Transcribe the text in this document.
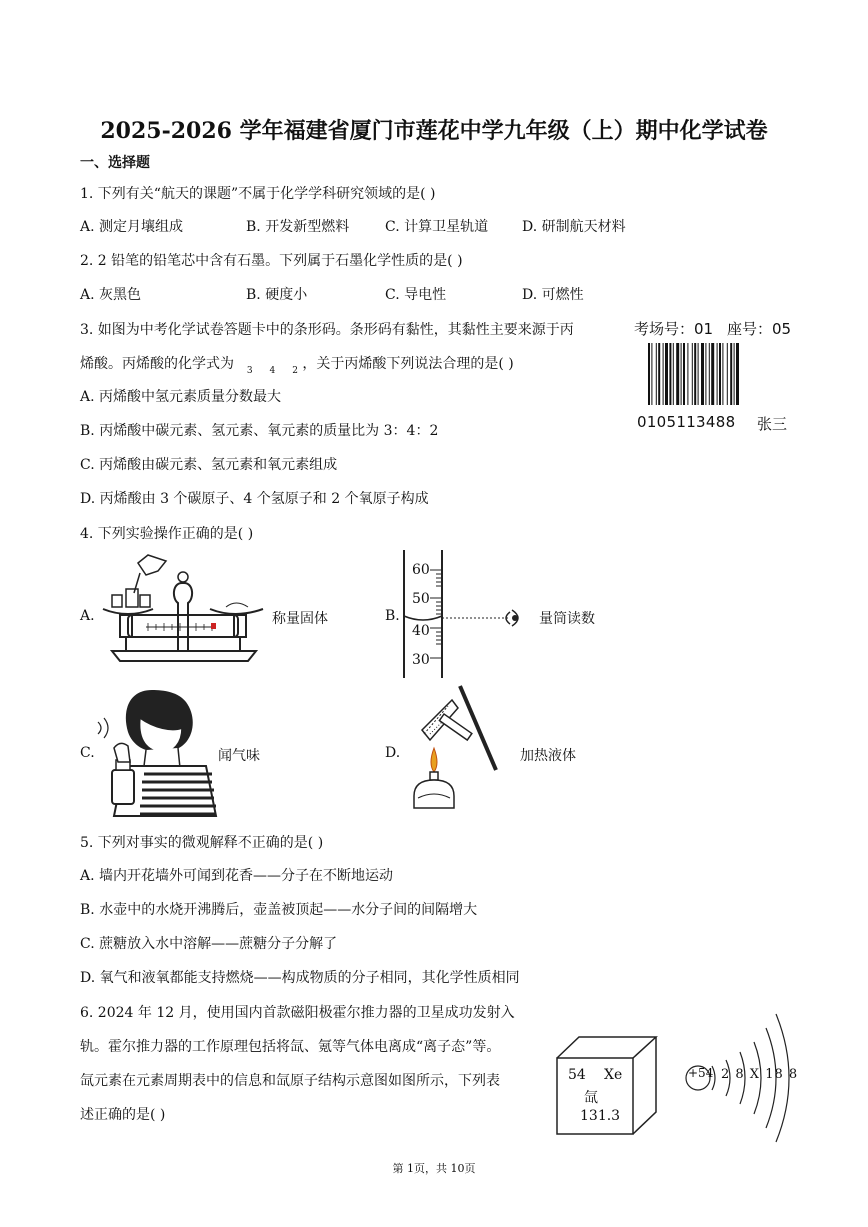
2025-2026 学年福建省厦门市莲花中学九年级（上）期中化学试卷
一、选择题
1. 下列有关“航天的课题”不属于化学学科研究领域的是( )
A. 测定月壤组成	B. 开发新型燃料	C. 计算卫星轨道 D. 研制航天材料
2. 2 铅笔的铅笔芯中含有石墨。下列属于石墨化学性质的是( )
A. 灰黑色	B. 硬度小	C. 导电性	D. 可燃性
3. 如图为中考化学试卷答题卡中的条形码。条形码有黏性，其黏性主要来源于丙
烯酸。丙烯酸的化学式为 $_3$ $_4$ $_2$ ，关于丙烯酸下列说法合理的是( )
A. 丙烯酸中氢元素质量分数最大
B. 丙烯酸中碳元素、氢元素、氧元素的质量比为 3：4：2
C. 丙烯酸由碳元素、氢元素和氧元素组成
D. 丙烯酸由 3 个碳原子、4 个氢原子和 2 个氧原子构成
考场号：01 座号：05
0105113488 张三
4. 下列实验操作正确的是( )
A.	称量固体	B.
60
50
40
30
量筒读数
C.	闻气味	D.	加热液体
5. 下列对事实的微观解释不正确的是( )
A. 墙内开花墙外可闻到花香——分子在不断地运动
B. 水壶中的水烧开沸腾后，壶盖被顶起——水分子间的间隔增大
C. 蔗糖放入水中溶解——蔗糖分子分解了
D. 氧气和液氧都能支持燃烧——构成物质的分子相同，其化学性质相同
6. 2024 年 12 月，使用国内首款磁阳极霍尔推力器的卫星成功发射入
轨。霍尔推力器的工作原理包括将氙、氪等气体电离成“离子态”等。
氙元素在元素周期表中的信息和氙原子结构示意图如图所示，下列表
述正确的是( )
54 Xe
氙
131.3
+54 2 8 X 18 8
第 1页，共 10页
